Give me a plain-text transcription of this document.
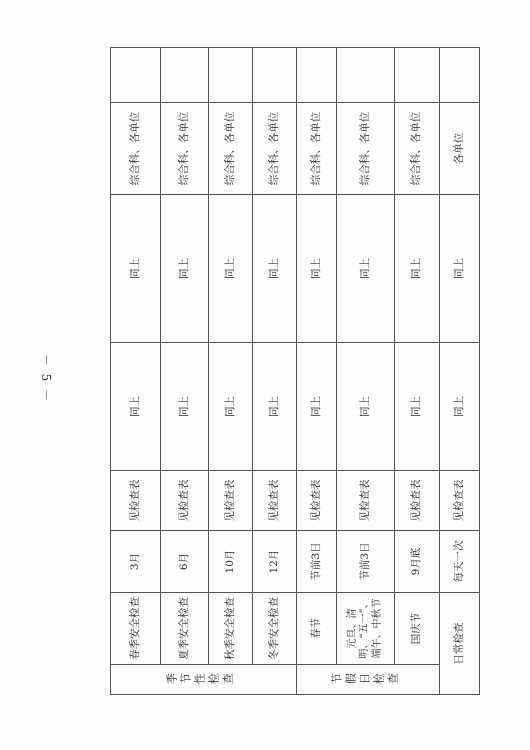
季节性检查	春季安全检查	3月	见检查表	同上	同上	综合科、各单位	
	夏季安全检查	6月	见检查表	同上	同上	综合科、各单位	
	秋季安全检查	10月	见检查表	同上	同上	综合科、各单位	
	冬季安全检查	12月	见检查表	同上	同上	综合科、各单位	
节假日检查	春节	节前3日	见检查表	同上	同上	综合科、各单位	
	元旦、清明、“五一”、端午、中秋节	节前3日	见检查表	同上	同上	综合科、各单位	
	国庆节	9月底	见检查表	同上	同上	综合科、各单位	
日常检查		每天一次	见检查表	同上	同上	各单位	
－ 5 －
